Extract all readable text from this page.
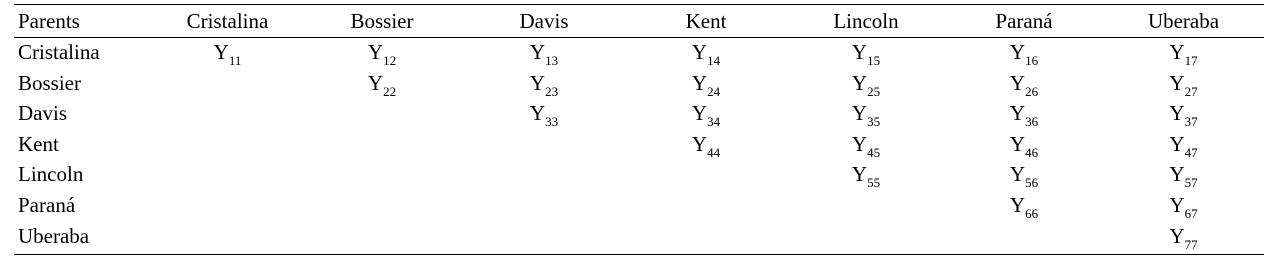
Parents	Cristalina	Bossier	Davis	Kent	Lincoln	Paraná	Uberaba
Cristalina	$Y_{11}$	$Y_{12}$	$Y_{13}$	$Y_{14}$	$Y_{15}$	$Y_{16}$	$Y_{17}$
Bossier		$Y_{22}$	$Y_{23}$	$Y_{24}$	$Y_{25}$	$Y_{26}$	$Y_{27}$
Davis			$Y_{33}$	$Y_{34}$	$Y_{35}$	$Y_{36}$	$Y_{37}$
Kent				$Y_{44}$	$Y_{45}$	$Y_{46}$	$Y_{47}$
Lincoln					$Y_{55}$	$Y_{56}$	$Y_{57}$
Paraná						$Y_{66}$	$Y_{67}$
Uberaba							$Y_{77}$
